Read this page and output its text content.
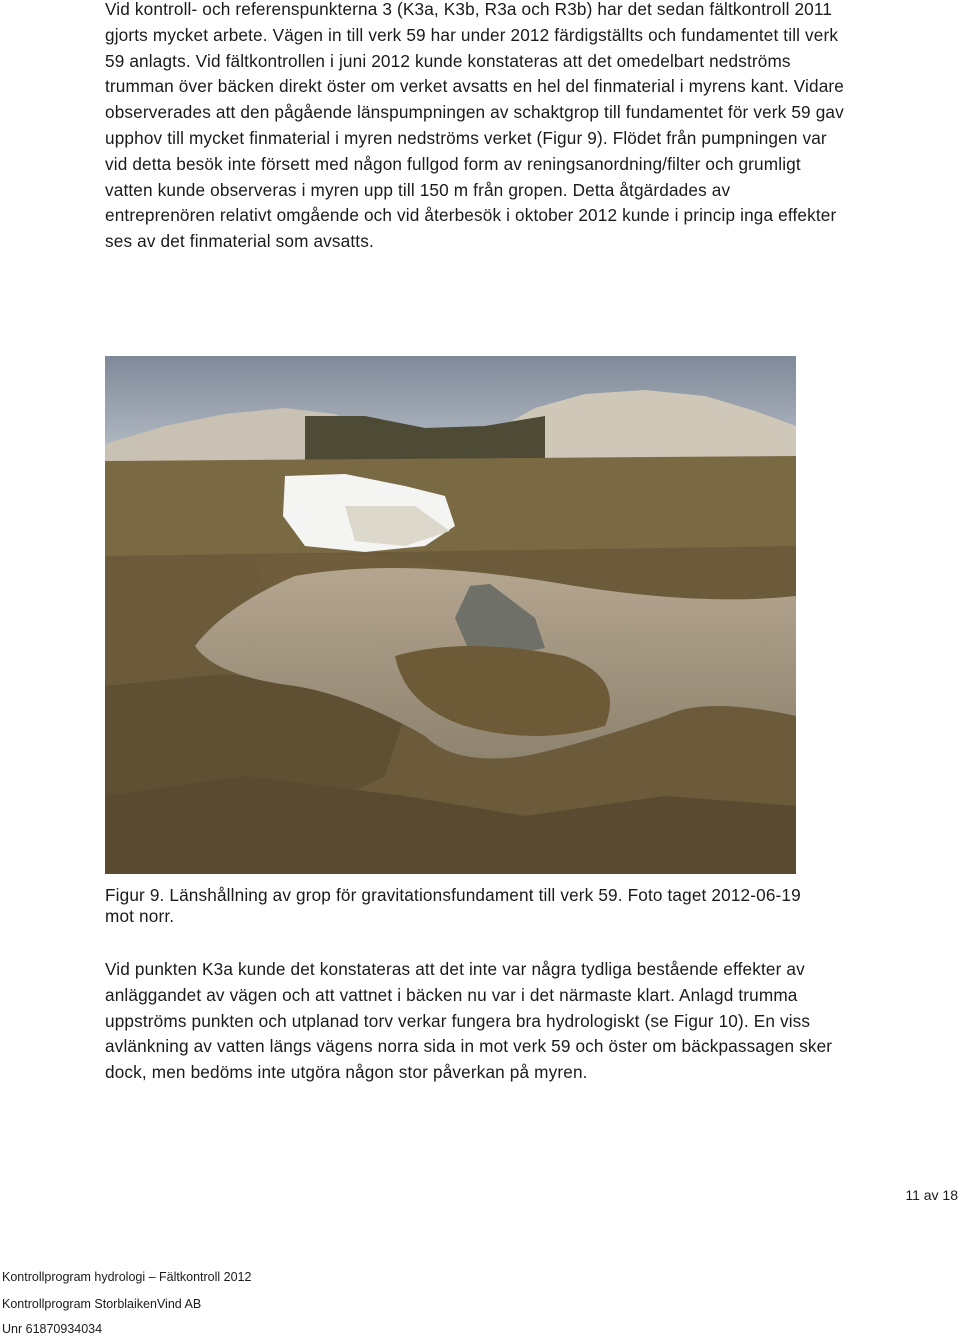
Vid kontroll- och referenspunkterna 3 (K3a, K3b, R3a och R3b) har det sedan fältkontroll 2011 gjorts mycket arbete. Vägen in till verk 59 har under 2012 färdigställts och fundamentet till verk 59 anlagts. Vid fältkontrollen i juni 2012 kunde konstateras att det omedelbart nedströms trumman över bäcken direkt öster om verket avsatts en hel del finmaterial i myrens kant. Vidare observerades att den pågående länspumpningen av schaktgrop till fundamentet för verk 59 gav upphov till mycket finmaterial i myren nedströms verket (Figur 9). Flödet från pumpningen var vid detta besök inte försett med någon fullgod form av reningsanordning/filter och grumligt vatten kunde observeras i myren upp till 150 m från gropen. Detta åtgärdades av entreprenören relativt omgående och vid återbesök i oktober 2012 kunde i princip inga effekter ses av det finmaterial som avsatts.

Figur 9. Länshållning av grop för gravitationsfundament till verk 59. Foto taget 2012-06-19 mot norr.

Vid punkten K3a kunde det konstateras att det inte var några tydliga bestående effekter av anläggandet av vägen och att vattnet i bäcken nu var i det närmaste klart. Anlagd trumma uppströms punkten och utplanad torv verkar fungera bra hydrologiskt (se Figur 10). En viss avlänkning av vatten längs vägens norra sida in mot verk 59 och öster om bäckpassagen sker dock, men bedöms inte utgöra någon stor påverkan på myren.

11 av 18
Kontrollprogram hydrologi – Fältkontroll 2012
Kontrollprogram StorblaikenVind AB
Unr 61870934034
